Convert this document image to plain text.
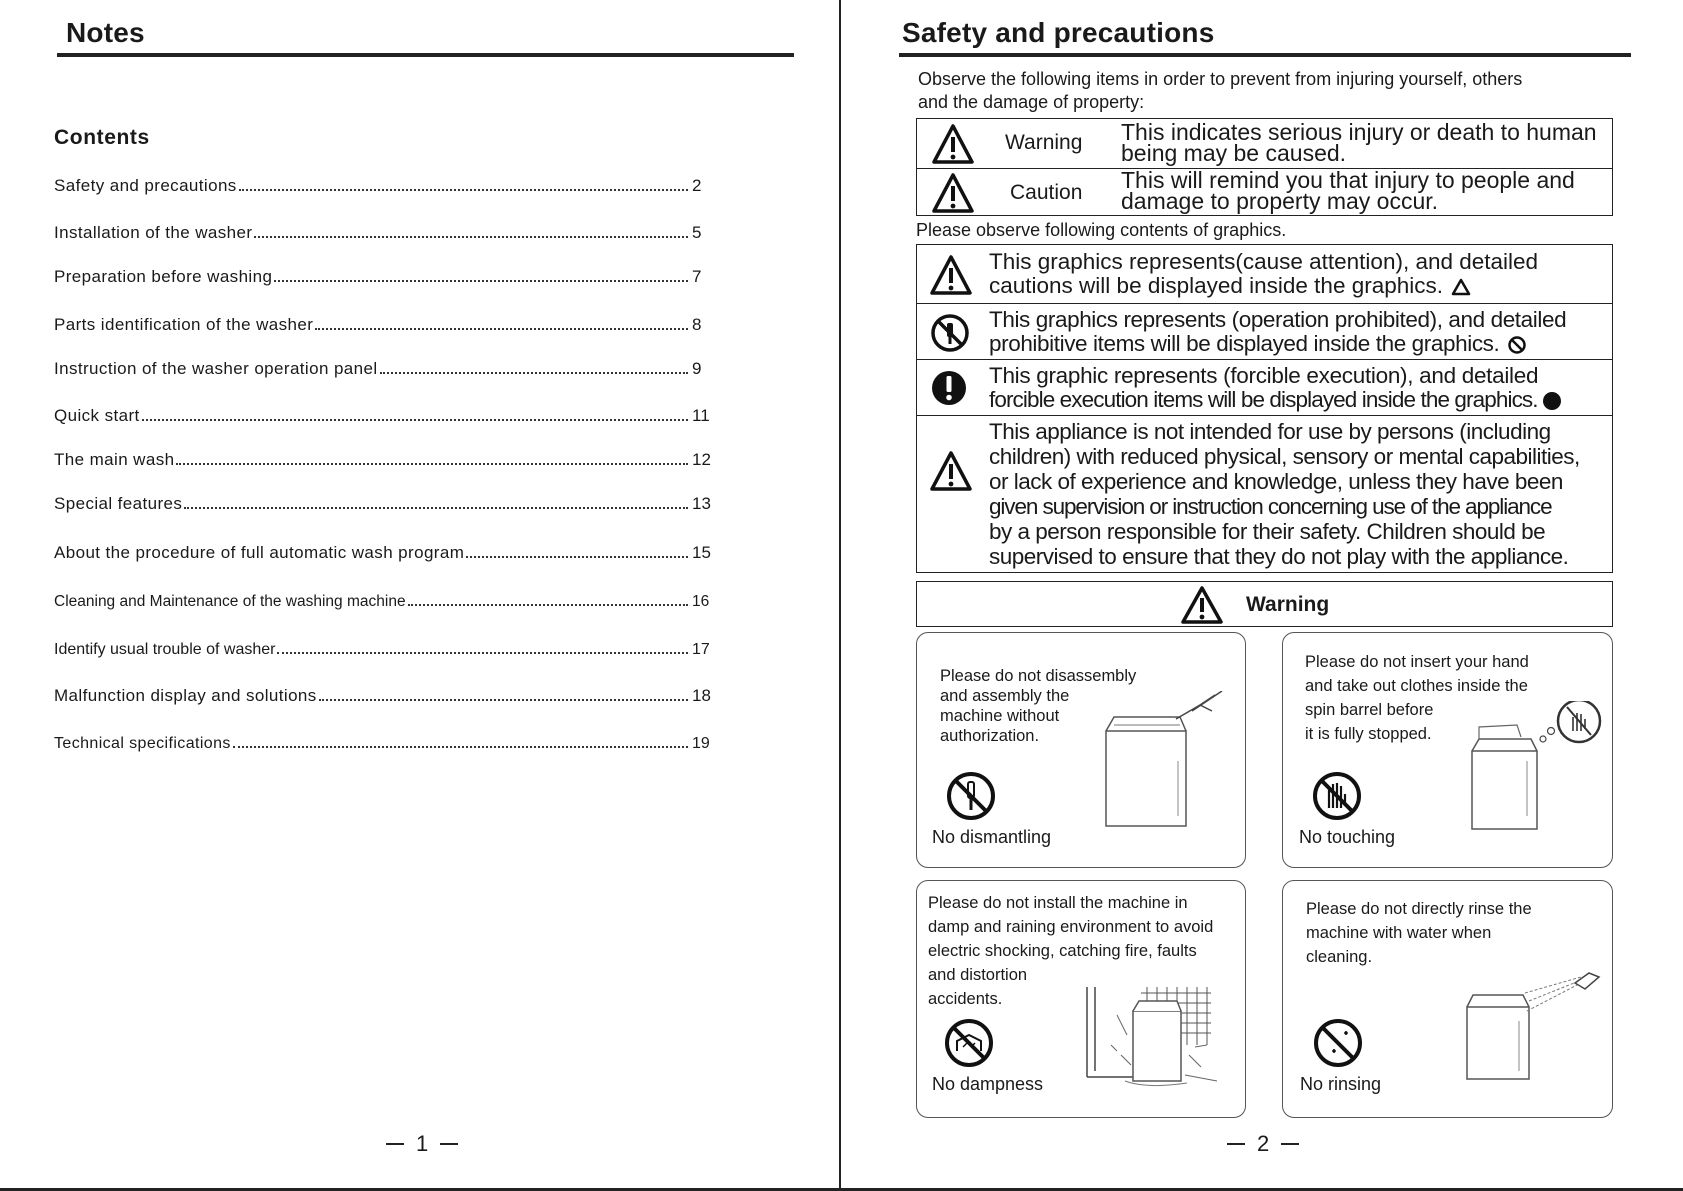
Notes
Contents
Safety and precautions	2
Installation of the washer	5
Preparation before washing	7
Parts identification of the washer	8
Instruction of the washer operation panel	9
Quick start	11
The main wash	12
Special features	13
About the procedure of full automatic wash program	15
Cleaning and Maintenance of the washing machine	16
Identify usual trouble of washer	17
Malfunction display and solutions	18
Technical specifications	19
1
Safety and precautions
Observe the following items in order to prevent from injuring yourself, others
and the damage of property:
Warning This indicates serious injury or death to human
being may be caused.
Caution This will remind you that injury to people and
damage to property may occur.
Please observe following contents of graphics.
This graphics represents(cause attention), and detailed
cautions will be displayed inside the graphics.
This graphics represents (operation prohibited), and detailed
prohibitive items will be displayed inside the graphics.
This graphic represents (forcible execution), and detailed
forcible execution items will be displayed inside the graphics.
This appliance is not intended for use by persons (including
children) with reduced physical, sensory or mental capabilities,
or lack of experience and knowledge, unless they have been
given supervision or instruction concerning use of the appliance
by a person responsible for their safety. Children should be
supervised to ensure that they do not play with the appliance.
Warning
Please do not disassembly
and assembly the
machine without
authorization.
No dismantling
Please do not insert your hand
and take out clothes inside the
spin barrel before
it is fully stopped.
No touching
Please do not install the machine in
damp and raining environment to avoid
electric shocking, catching fire, faults
and distortion
accidents.
No dampness
Please do not directly rinse the
machine with water when
cleaning.
No rinsing
2
